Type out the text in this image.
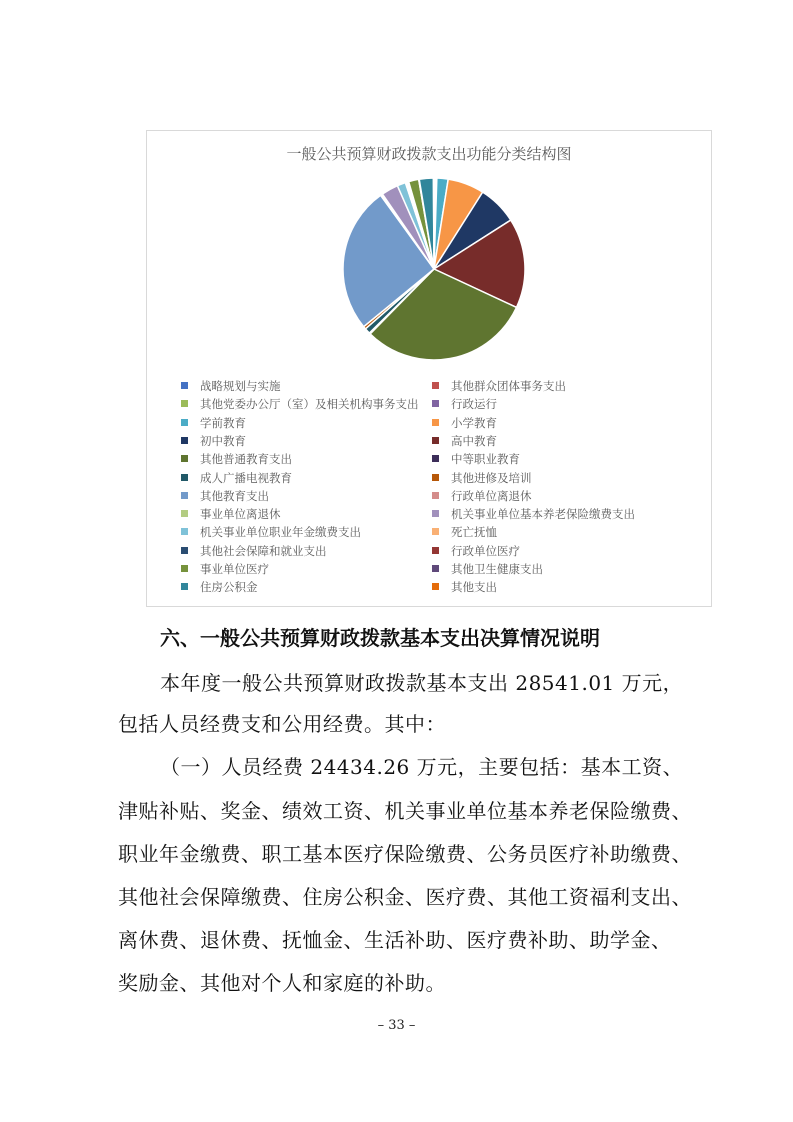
一般公共预算财政拨款支出功能分类结构图
战略规划与实施	其他群众团体事务支出
其他党委办公厅（室）及相关机构事务支出	行政运行
学前教育	小学教育
初中教育	高中教育
其他普通教育支出	中等职业教育
成人广播电视教育	其他进修及培训
其他教育支出	行政单位离退休
事业单位离退休	机关事业单位基本养老保险缴费支出
机关事业单位职业年金缴费支出	死亡抚恤
其他社会保障和就业支出	行政单位医疗
事业单位医疗	其他卫生健康支出
住房公积金	其他支出
六、一般公共预算财政拨款基本支出决算情况说明
本年度一般公共预算财政拨款基本支出 28541.01 万元，
包括人员经费支和公用经费。其中：
（一）人员经费 24434.26 万元，主要包括：基本工资、
津贴补贴、奖金、绩效工资、机关事业单位基本养老保险缴费、
职业年金缴费、职工基本医疗保险缴费、公务员医疗补助缴费、
其他社会保障缴费、住房公积金、医疗费、其他工资福利支出、
离休费、退休费、抚恤金、生活补助、医疗费补助、助学金、
奖励金、其他对个人和家庭的补助。
– 33 –
